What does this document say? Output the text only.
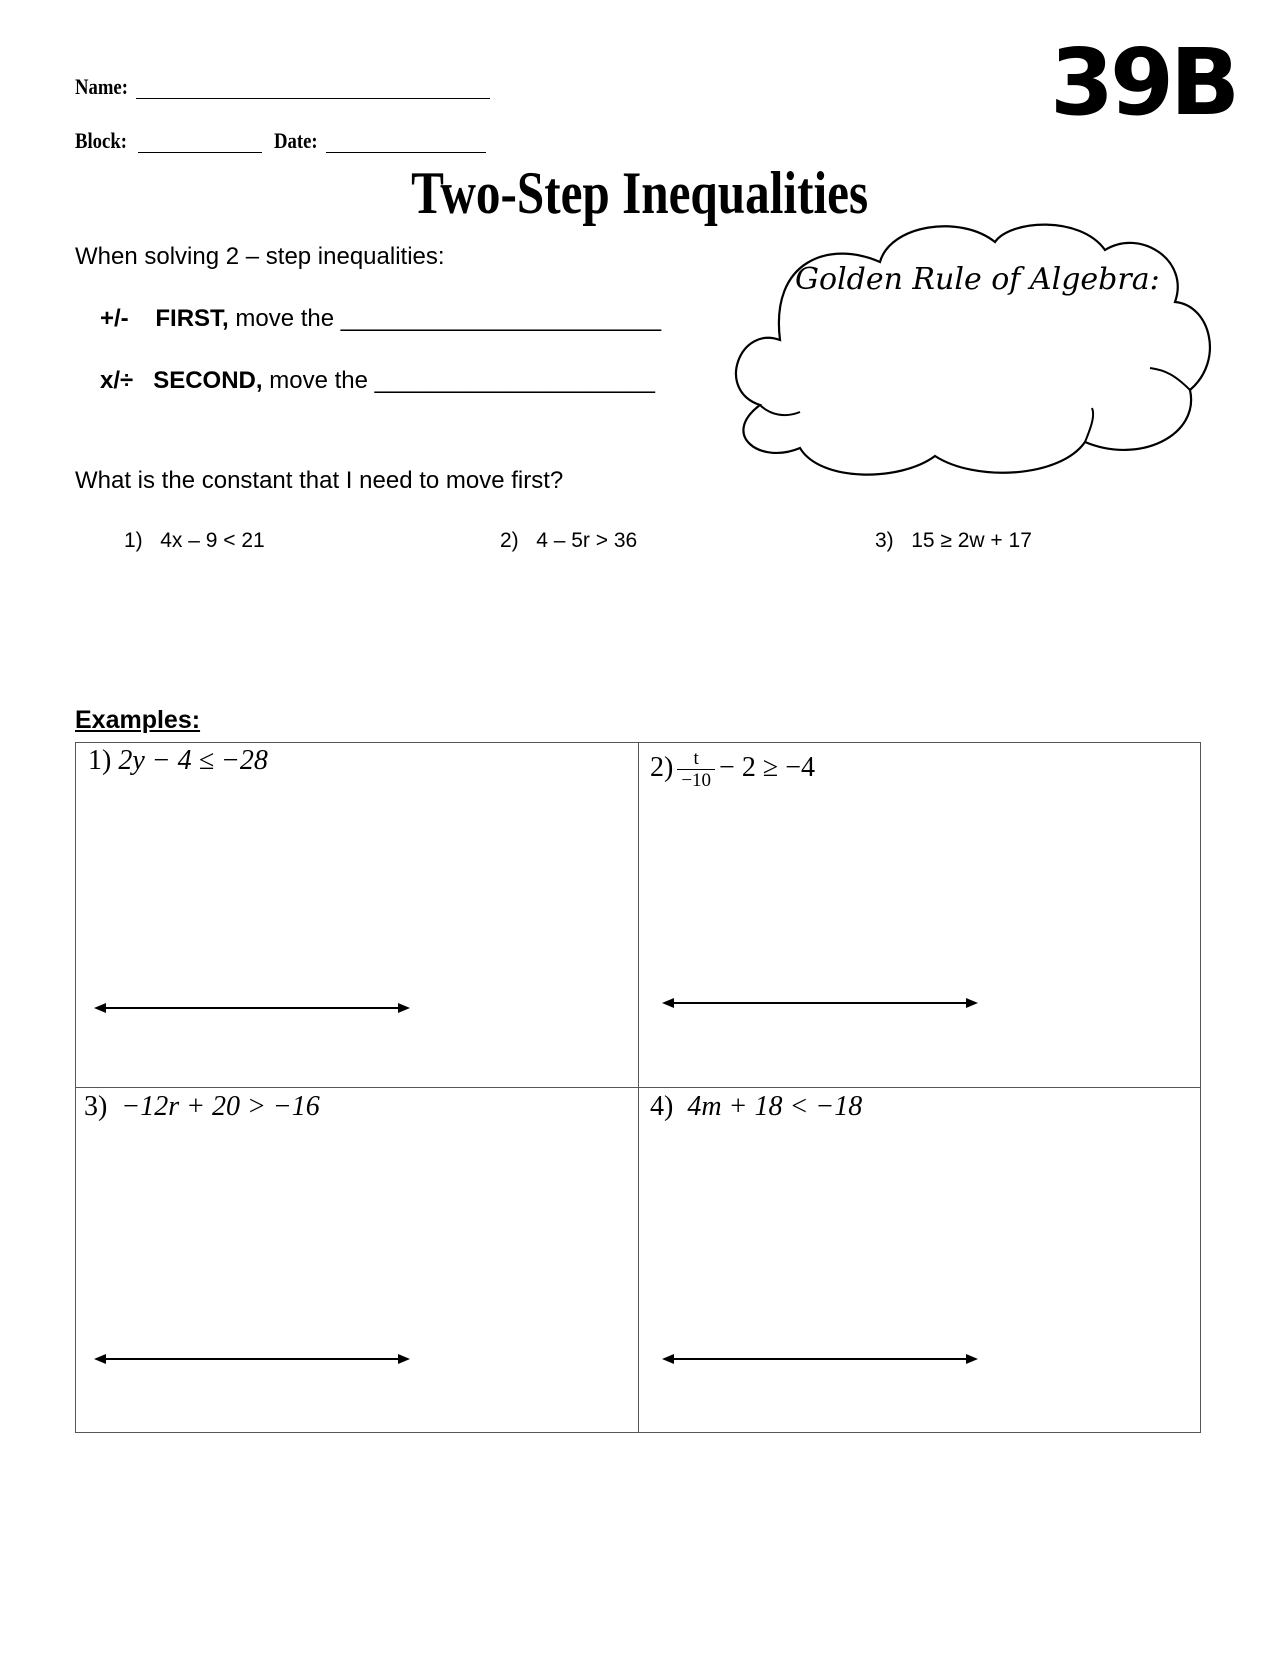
Name:
Block:	Date:
39B
Two-Step Inequalities
When solving 2 – step inequalities:
+/- FIRST, move the ________________________
x/÷ SECOND, move the _____________________
Golden Rule of Algebra:
What is the constant that I need to move first?
1) 4x – 9 < 21	2) 4 – 5r > 36	3) 15 ≥ 2w + 17
Examples:
1) 2y − 4 ≤ −28	$2) \frac{t}{-10} - 2 \ge -4$
3) −12r + 20 > −16	4) 4m + 18 < −18
